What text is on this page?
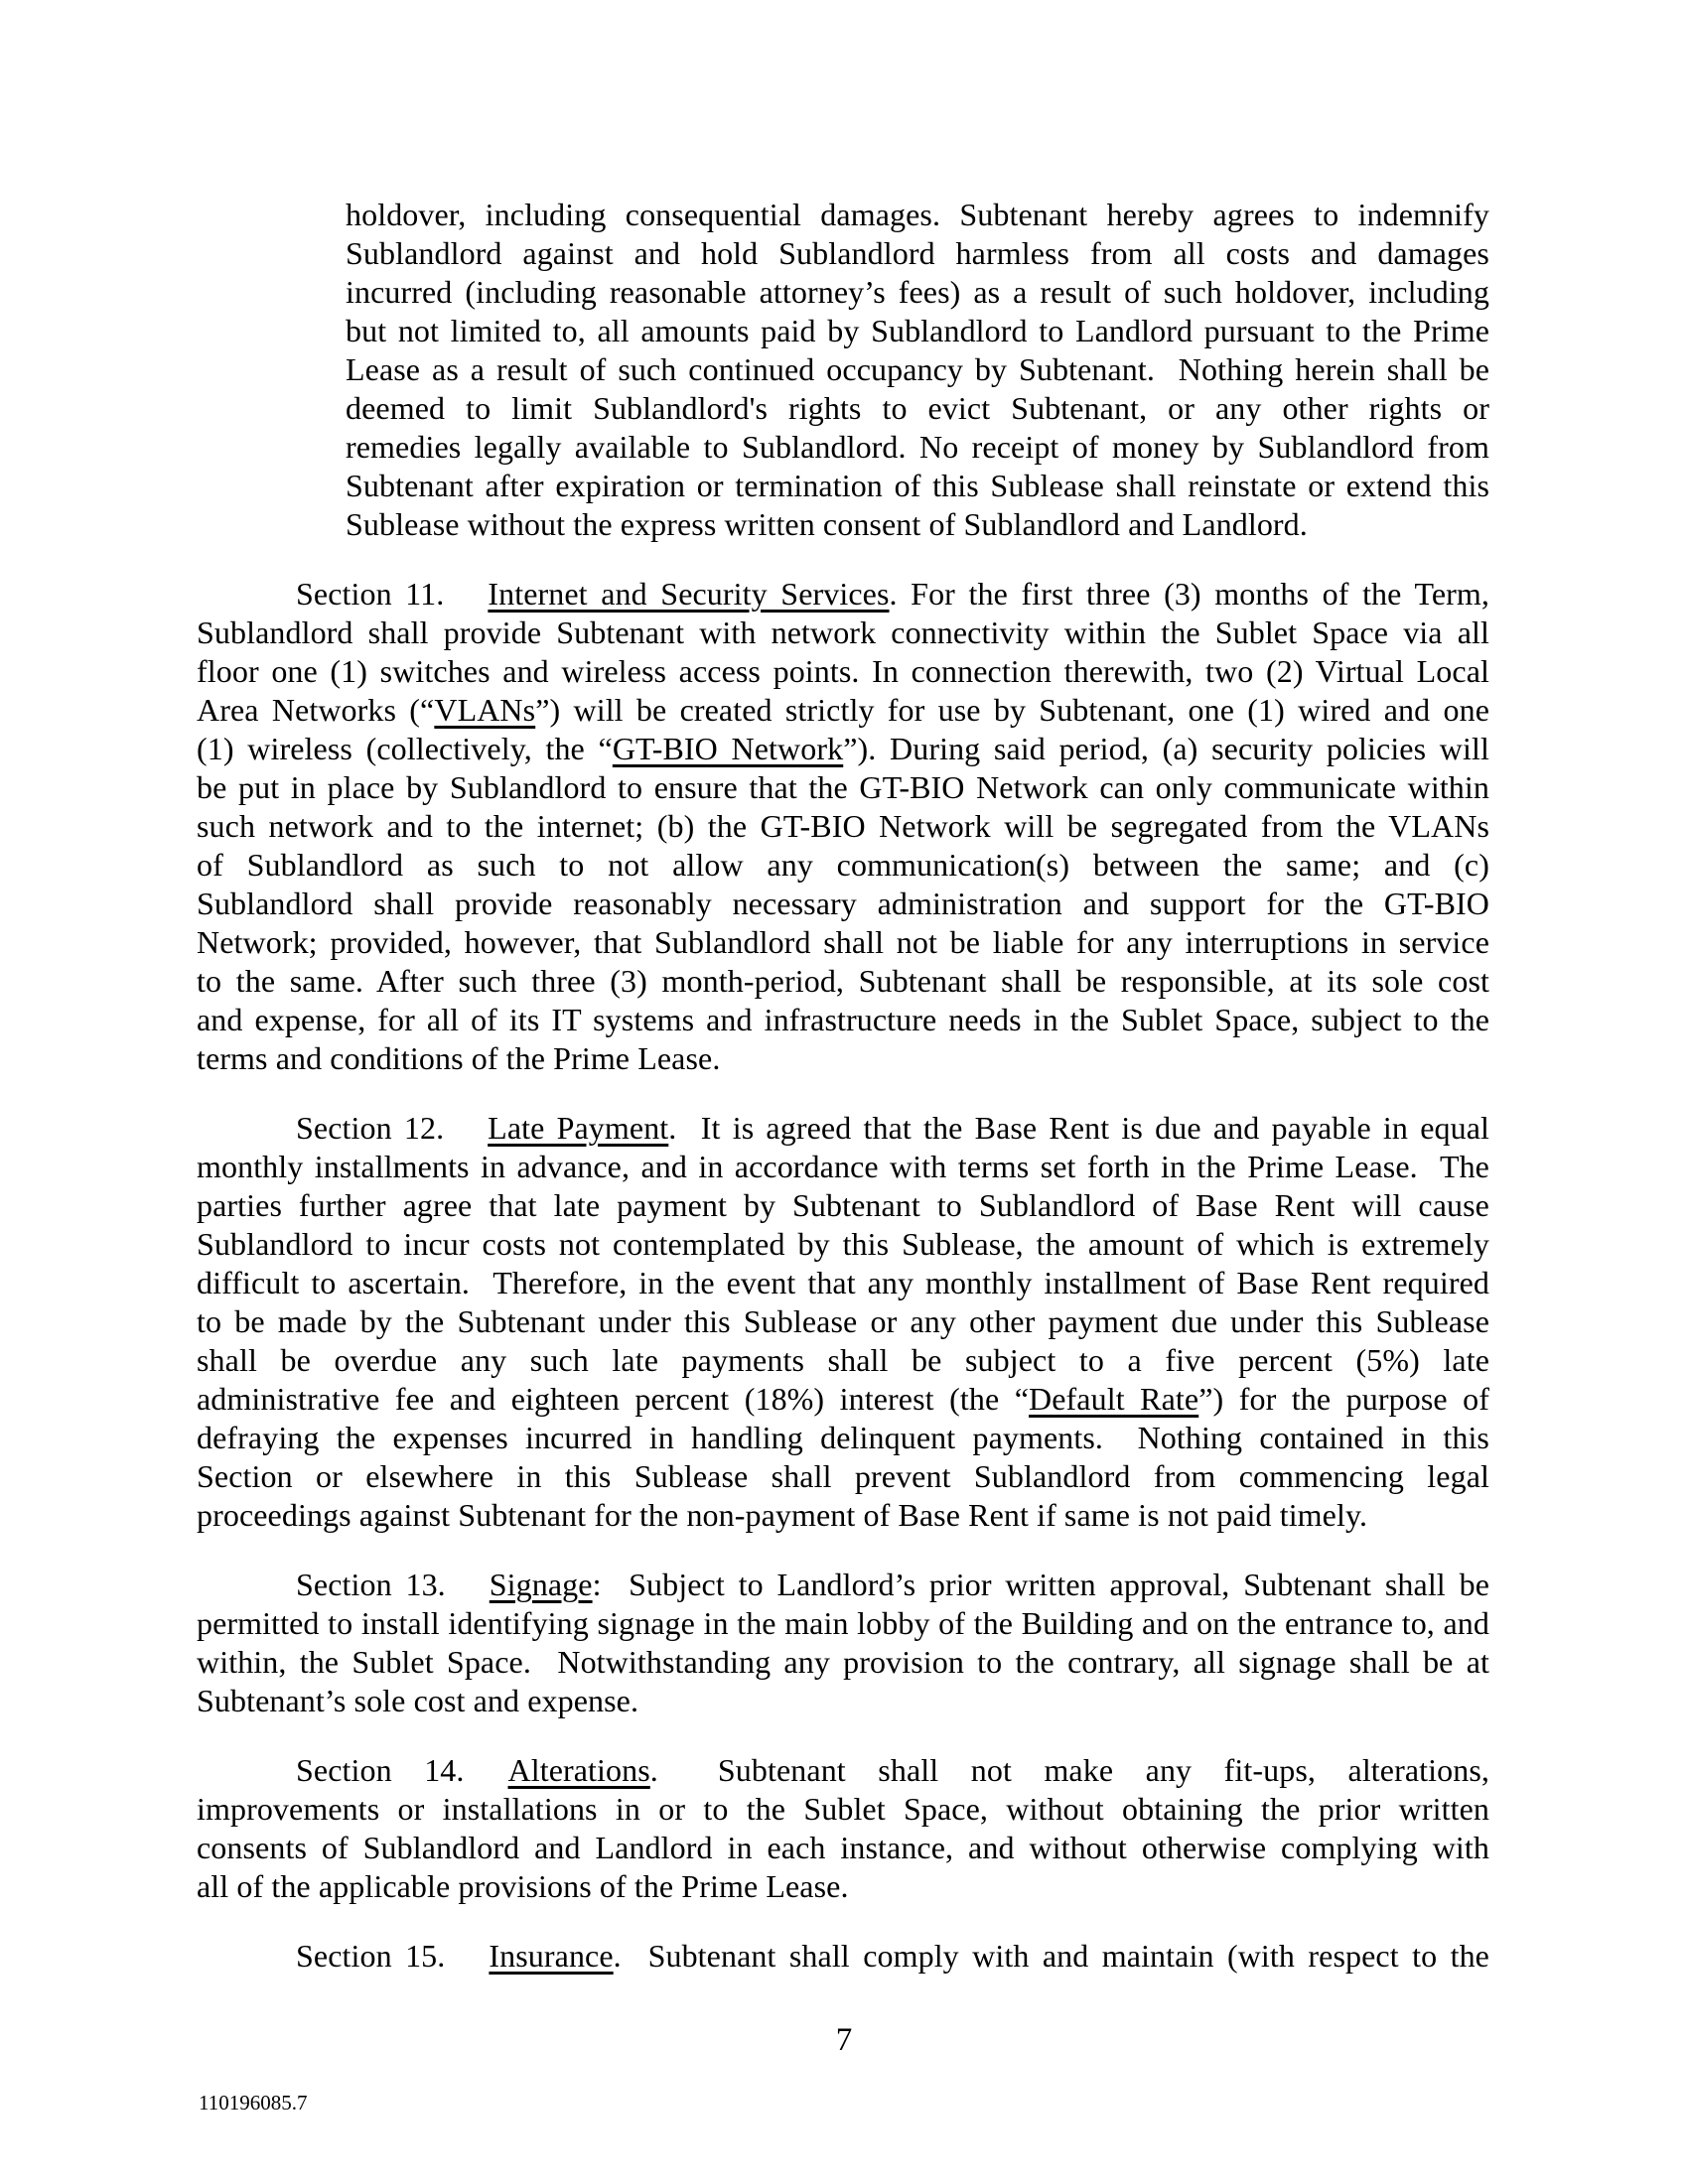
holdover, including consequential damages. Subtenant hereby agrees to indemnify
Sublandlord against and hold Sublandlord harmless from all costs and damages
incurred (including reasonable attorney’s fees) as a result of such holdover, including
but not limited to, all amounts paid by Sublandlord to Landlord pursuant to the Prime
Lease as a result of such continued occupancy by Subtenant.  Nothing herein shall be
deemed to limit Sublandlord's rights to evict Subtenant, or any other rights or
remedies legally available to Sublandlord. No receipt of money by Sublandlord from
Subtenant after expiration or termination of this Sublease shall reinstate or extend this
Sublease without the express written consent of Sublandlord and Landlord.
Section 11. Internet and Security Services. For the first three (3) months of the Term,
Sublandlord shall provide Subtenant with network connectivity within the Sublet Space via all
floor one (1) switches and wireless access points. In connection therewith, two (2) Virtual Local
Area Networks (“VLANs”) will be created strictly for use by Subtenant, one (1) wired and one
(1) wireless (collectively, the “GT-BIO Network”). During said period, (a) security policies will
be put in place by Sublandlord to ensure that the GT-BIO Network can only communicate within
such network and to the internet; (b) the GT-BIO Network will be segregated from the VLANs
of Sublandlord as such to not allow any communication(s) between the same; and (c)
Sublandlord shall provide reasonably necessary administration and support for the GT-BIO
Network; provided, however, that Sublandlord shall not be liable for any interruptions in service
to the same. After such three (3) month-period, Subtenant shall be responsible, at its sole cost
and expense, for all of its IT systems and infrastructure needs in the Sublet Space, subject to the
terms and conditions of the Prime Lease.
Section 12. Late Payment.  It is agreed that the Base Rent is due and payable in equal
monthly installments in advance, and in accordance with terms set forth in the Prime Lease.  The
parties further agree that late payment by Subtenant to Sublandlord of Base Rent will cause
Sublandlord to incur costs not contemplated by this Sublease, the amount of which is extremely
difficult to ascertain.  Therefore, in the event that any monthly installment of Base Rent required
to be made by the Subtenant under this Sublease or any other payment due under this Sublease
shall be overdue any such late payments shall be subject to a five percent (5%) late
administrative fee and eighteen percent (18%) interest (the “Default Rate”) for the purpose of
defraying the expenses incurred in handling delinquent payments.  Nothing contained in this
Section or elsewhere in this Sublease shall prevent Sublandlord from commencing legal
proceedings against Subtenant for the non-payment of Base Rent if same is not paid timely.
Section 13. Signage:  Subject to Landlord’s prior written approval, Subtenant shall be
permitted to install identifying signage in the main lobby of the Building and on the entrance to, and
within, the Sublet Space.  Notwithstanding any provision to the contrary, all signage shall be at
Subtenant’s sole cost and expense.
Section 14. Alterations. Subtenant shall not make any fit-ups, alterations,
improvements or installations in or to the Sublet Space, without obtaining the prior written
consents of Sublandlord and Landlord in each instance, and without otherwise complying with
all of the applicable provisions of the Prime Lease.
Section 15. Insurance.  Subtenant shall comply with and maintain (with respect to the
7
110196085.7
